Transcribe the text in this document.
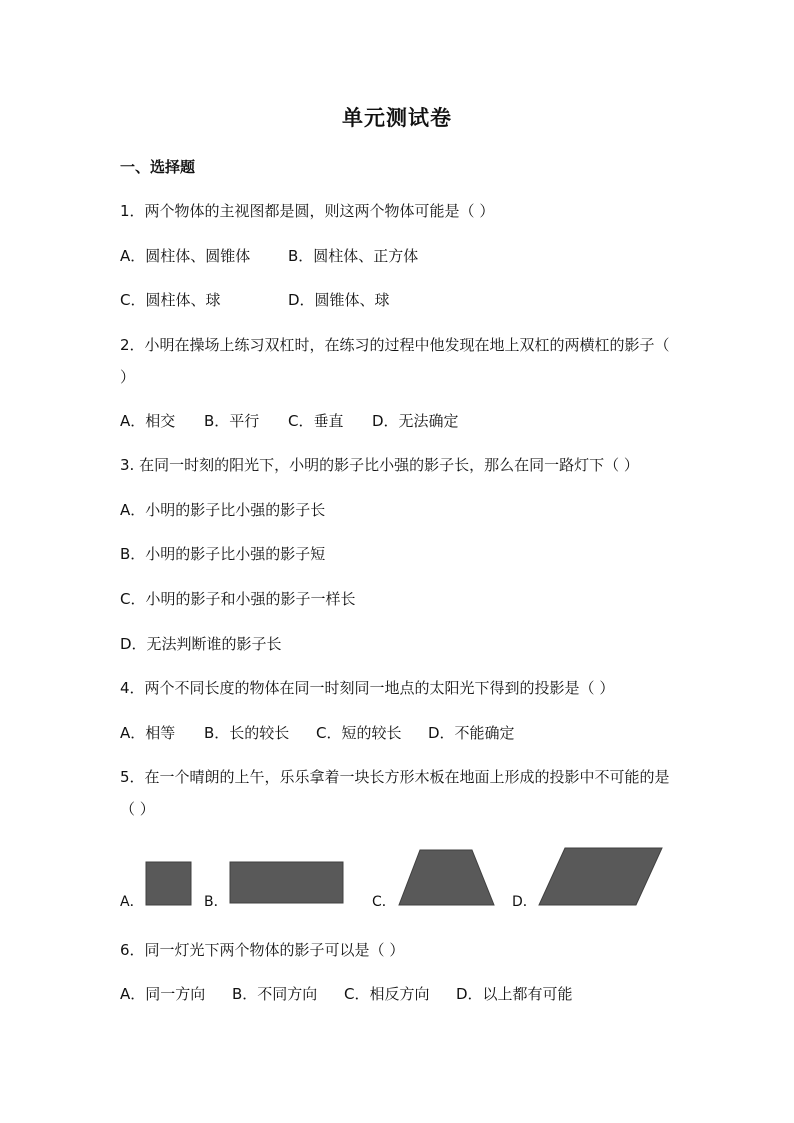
单元测试卷
一、选择题
1．两个物体的主视图都是圆，则这两个物体可能是（ ）
A．圆柱体、圆锥体	B．圆柱体、正方体
C．圆柱体、球	D．圆锥体、球
2．小明在操场上练习双杠时，在练习的过程中他发现在地上双杠的两横杠的影子（ ）
A．相交 B．平行 C．垂直 D．无法确定
3. 在同一时刻的阳光下，小明的影子比小强的影子长，那么在同一路灯下（ ）
A．小明的影子比小强的影子长
B．小明的影子比小强的影子短
C．小明的影子和小强的影子一样长
D．无法判断谁的影子长
4．两个不同长度的物体在同一时刻同一地点的太阳光下得到的投影是（ ）
A．相等 B．长的较长 C．短的较长 D．不能确定
5．在一个晴朗的上午，乐乐拿着一块长方形木板在地面上形成的投影中不可能的是（ ）
A．	B．	C．	D．
6．同一灯光下两个物体的影子可以是（ ）
A．同一方向 B．不同方向 C．相反方向 D．以上都有可能
